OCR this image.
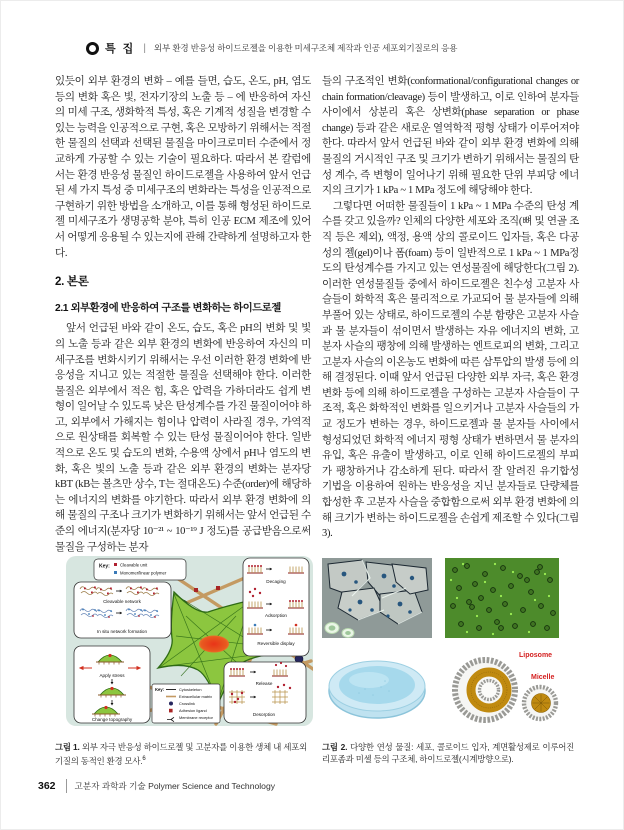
특 집 | 외부 환경 반응성 하이드로젤을 이용한 미세구조체 제작과 인공 세포외기질로의 응용

있듯이 외부 환경의 변화 – 예를 들면, 습도, 온도, pH, 염도 등의 변화 혹은 빛, 전자기장의 노출 등 – 에 반응하여 자신의 미세 구조, 생화학적 특성, 혹은 기계적 성질을 변경할 수 있는 능력을 인공적으로 구현, 혹은 모방하기 위해서는 적절한 물질의 선택과 선택된 물질을 마이크로미터 수준에서 정교하게 가공할 수 있는 기술이 필요하다. 따라서 본 칼럼에서는 환경 반응성 물질인 하이드로젤을 사용하여 앞서 언급된 세 가지 특성 중 미세구조의 변화라는 특성을 인공적으로 구현하기 위한 방법을 소개하고, 이를 통해 형성된 하이드로젤 미세구조가 생명공학 분야, 특히 인공 ECM 제조에 있어서 어떻게 응용될 수 있는지에 관해 간략하게 설명하고자 한다.

2. 본론
2.1 외부환경에 반응하여 구조를 변화하는 하이드로젤

앞서 언급된 바와 같이 온도, 습도, 혹은 pH의 변화 및 빛의 노출 등과 같은 외부 환경의 변화에 반응하여 자신의 미세구조를 변화시키기 위해서는 우선 이러한 환경 변화에 반응성을 지니고 있는 적절한 물질을 선택해야 한다. 이러한 물질은 외부에서 적은 힘, 혹은 압력을 가하더라도 쉽게 변형이 일어날 수 있도록 낮은 탄성계수를 가진 물질이어야 하고, 외부에서 가해지는 힘이나 압력이 사라질 경우, 가역적으로 원상태를 회복할 수 있는 탄성 물질이어야 한다. 일반적으로 온도 및 습도의 변화, 수용액 상에서 pH나 염도의 변화, 혹은 빛의 노출 등과 같은 외부 환경의 변화는 분자당 kBT (kB는 볼츠만 상수, T는 절대온도) 수준(order)에 해당하는 에너지의 변화를 야기한다. 따라서 외부 환경 변화에 의해 물질의 구조나 크기가 변화하기 위해서는 앞서 언급된 수준의 에너지(분자당 10⁻²¹ ~ 10⁻¹⁹ J 정도)를 공급받음으로써 물질을 구성하는 분자

들의 구조적인 변화(conformational/configurational changes or chain formation/cleavage) 등이 발생하고, 이로 인하여 분자들 사이에서 상분리 혹은 상변화(phase separation or phase change) 등과 같은 새로운 열역학적 평형 상태가 이루어져야 한다. 따라서 앞서 언급된 바와 같이 외부 환경 변화에 의해 물질의 거시적인 구조 및 크기가 변하기 위해서는 물질의 탄성 계수, 즉 변형이 일어나기 위해 필요한 단위 부피당 에너지의 크기가 1 kPa ~ 1 MPa 정도에 해당해야 한다.

그렇다면 어떠한 물질들이 1 kPa ~ 1 MPa 수준의 탄성 계수를 갖고 있을까? 인체의 다양한 세포와 조직(뼈 및 연골 조직 등은 제외), 액정, 용액 상의 콜로이드 입자들, 혹은 다공성의 젤(gel)이나 폼(foam) 등이 일반적으로 1 kPa ~ 1 MPa정도의 탄성계수를 가지고 있는 연성물질에 해당한다(그림 2). 이러한 연성물질들 중에서 하이드로젤은 친수성 고분자 사슬들이 화학적 혹은 물리적으로 가교되어 물 분자들에 의해 부풀어 있는 상태로, 하이드로젤의 수분 함량은 고분자 사슬과 물 분자들이 섞이면서 발생하는 자유 에너지의 변화, 고분자 사슬의 팽창에 의해 발생하는 엔트로피의 변화, 그리고 고분자 사슬의 이온농도 변화에 따른 삼투압의 발생 등에 의해 결정된다. 이때 앞서 언급된 다양한 외부 자극, 혹은 환경 변화 등에 의해 하이드로젤을 구성하는 고분자 사슬들이 구조적, 혹은 화학적인 변화를 일으키거나 고분자 사슬들의 가교 정도가 변하는 경우, 하이드로젤과 물 분자들 사이에서 형성되었던 화학적 에너지 평형 상태가 변하면서 물 분자의 유입, 혹은 유출이 발생하고, 이로 인해 하이드로젤의 부피가 팽창하거나 감소하게 된다. 따라서 잘 알려진 유기합성 기법을 이용하여 원하는 반응성을 지닌 분자들로 단량체를 합성한 후 고분자 사슬을 중합함으로써 외부 환경 변화에 의해 크기가 변하는 하이드로젤을 손쉽게 제조할 수 있다(그림 3).

Key: Cleavable unit
Monomer/linear polymer
Cleavable network
In situ network formation
Apply stress
Change topography
Decaging
Adsorption
Reversible display
Release
Desorption
Key:	Cytoskeleton
Extracellular matrix
Crosslink
Adhesion ligand
Membrane receptor
Liposome
Micelle

그림 1. 외부 자극 반응성 하이드로젤 및 고분자를 이용한 생체 내 세포외기질의 동적인 환경 모사.$^6$

그림 2. 다양한 연성 물질: 세포, 콜로이드 입자, 계면활성제로 이루어진 리포좀과 미셀 등의 구조체, 하이드로젤(시계방향으로).

362 고분자 과학과 기술 Polymer Science and Technology
